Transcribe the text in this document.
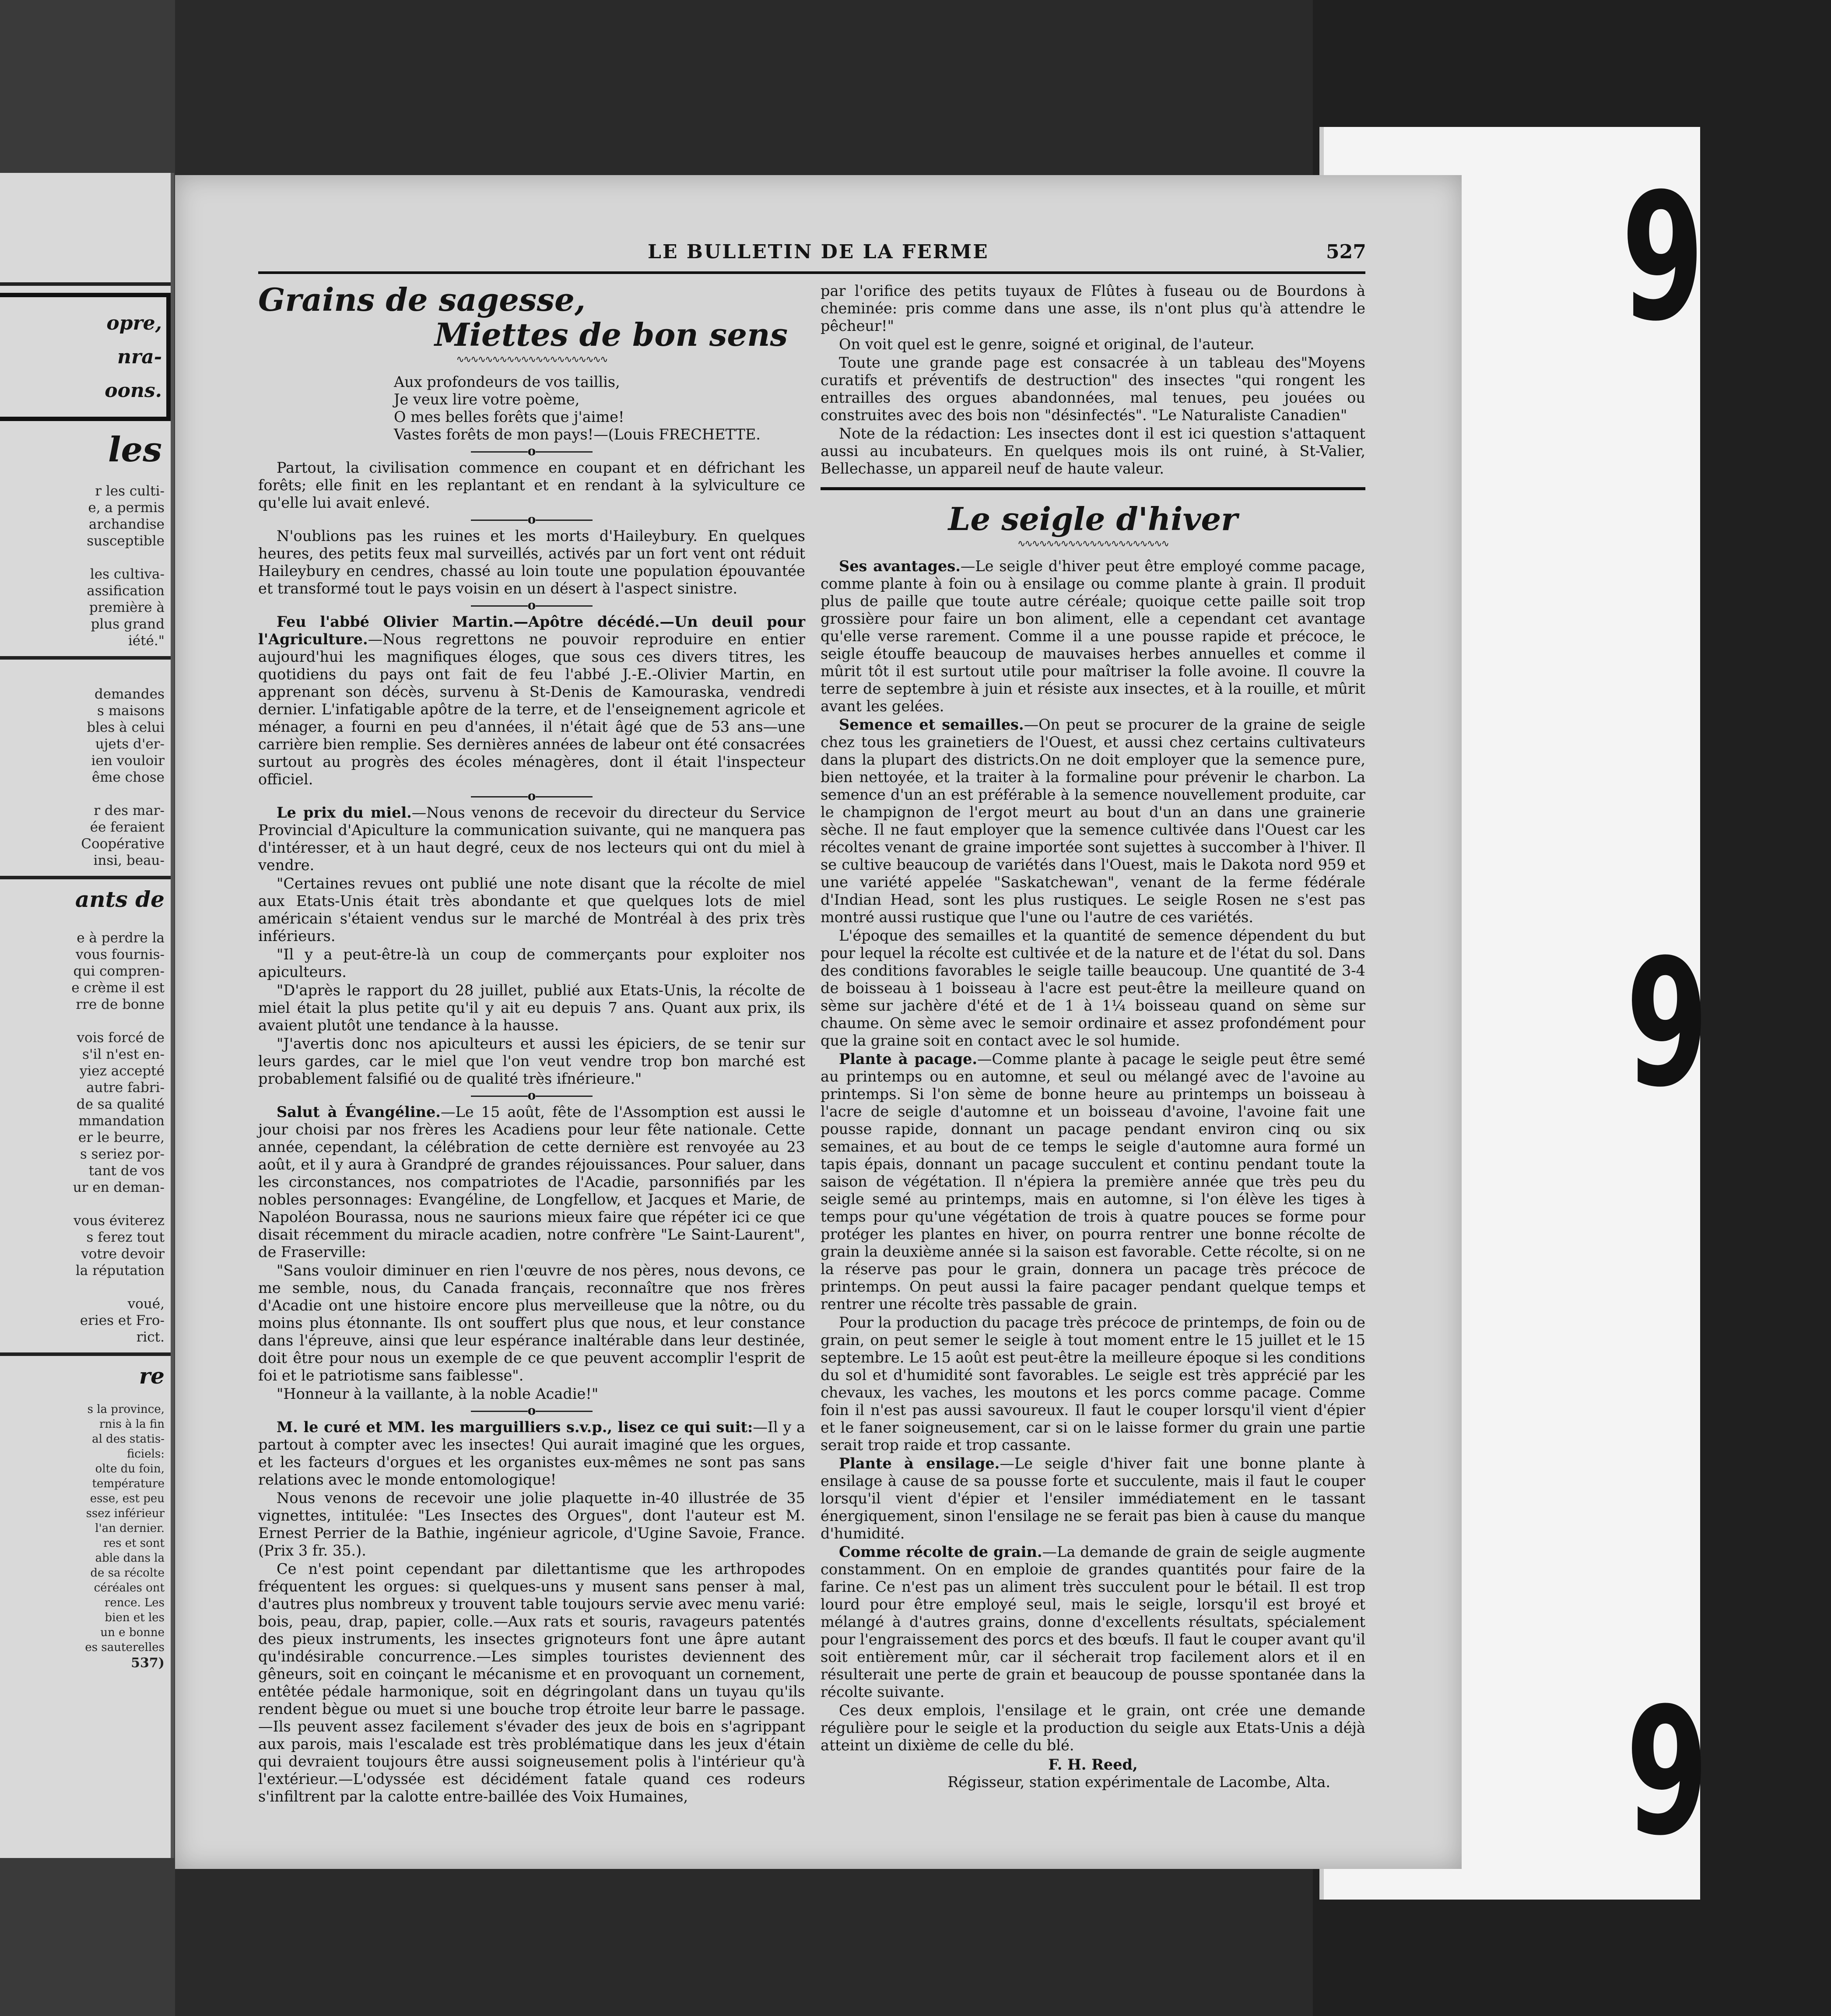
opre,

nra-

oons.

les

r les culti-

e, a permis

archandise

susceptible

les cultiva-

assification

première à

plus grand

iété."

demandes

s maisons

bles à celui

ujets d'er-

ien vouloir

ême chose

r des mar-

ée feraient

Coopérative

insi, beau-

ants de

e à perdre la

vous fournis-

qui compren-

e crème il est

rre de bonne

vois forcé de

s'il n'est en-

yiez accepté

autre fabri-

de sa qualité

mmandation

er le beurre,

s seriez por-

tant de vos

ur en deman-

vous éviterez

s ferez tout

votre devoir

la réputation

voué,

eries et Fro-

rict.

re

s la province,

rnis à la fin

al des statis-

ficiels:

olte du foin,

température

esse, est peu

ssez inférieur

l'an dernier.

res et sont

able dans la

de sa récolte

céréales ont

rence. Les

bien et les

un e bonne

es sauterelles

537)

9
9
9
LE BULLETIN DE LA FERME	527
Grains de sagesse,
Miettes de bon sens
∿∿∿∿∿∿∿∿∿∿∿∿∿∿∿∿∿∿∿∿∿
Aux profondeurs de vos taillis,
Je veux lire votre poème,
O mes belles forêts que j'aime!
Vastes forêts de mon pays!—(Louis FRECHETTE.
o

Partout, la civilisation commence en coupant et en défrichant les forêts; elle finit en les replantant et en rendant à la sylviculture ce qu'elle lui avait enlevé.

o

N'oublions pas les ruines et les morts d'Haileybury. En quelques heures, des petits feux mal surveillés, activés par un fort vent ont réduit Haileybury en cendres, chassé au loin toute une population épouvantée et transformé tout le pays voisin en un désert à l'aspect sinistre.

o

Feu l'abbé Olivier Martin.—Apôtre décédé.—Un deuil pour l'Agriculture.—Nous regrettons ne pouvoir reproduire en entier aujourd'hui les magnifiques éloges, que sous ces divers titres, les quotidiens du pays ont fait de feu l'abbé J.-E.-Olivier Martin, en apprenant son décès, survenu à St-Denis de Kamouraska, vendredi dernier. L'infatigable apôtre de la terre, et de l'enseignement agricole et ménager, a fourni en peu d'années, il n'était âgé que de 53 ans—une carrière bien remplie. Ses dernières années de labeur ont été consacrées surtout au progrès des écoles ménagères, dont il était l'inspecteur officiel.

o

Le prix du miel.—Nous venons de recevoir du directeur du Service Provincial d'Apiculture la communication suivante, qui ne manquera pas d'intéresser, et à un haut degré, ceux de nos lecteurs qui ont du miel à vendre.

"Certaines revues ont publié une note disant que la récolte de miel aux Etats-Unis était très abondante et que quelques lots de miel américain s'étaient vendus sur le marché de Montréal à des prix très inférieurs.

"Il y a peut-être-là un coup de commerçants pour exploiter nos apiculteurs.

"D'après le rapport du 28 juillet, publié aux Etats-Unis, la récolte de miel était la plus petite qu'il y ait eu depuis 7 ans. Quant aux prix, ils avaient plutôt une tendance à la hausse.

"J'avertis donc nos apiculteurs et aussi les épiciers, de se tenir sur leurs gardes, car le miel que l'on veut vendre trop bon marché est probablement falsifié ou de qualité très ifnérieure."

o

Salut à Évangéline.—Le 15 août, fête de l'Assomption est aussi le jour choisi par nos frères les Acadiens pour leur fête nationale. Cette année, cependant, la célébration de cette dernière est renvoyée au 23 août, et il y aura à Grandpré de grandes réjouissances. Pour saluer, dans les circonstances, nos compatriotes de l'Acadie, parsonnifiés par les nobles personnages: Evangéline, de Longfellow, et Jacques et Marie, de Napoléon Bourassa, nous ne saurions mieux faire que répéter ici ce que disait récemment du miracle acadien, notre confrère "Le Saint-Laurent", de Fraserville:

"Sans vouloir diminuer en rien l'œuvre de nos pères, nous devons, ce me semble, nous, du Canada français, reconnaître que nos frères d'Acadie ont une histoire encore plus merveilleuse que la nôtre, ou du moins plus étonnante. Ils ont souffert plus que nous, et leur constance dans l'épreuve, ainsi que leur espérance inaltérable dans leur destinée, doit être pour nous un exemple de ce que peuvent accomplir l'esprit de foi et le patriotisme sans faiblesse".

"Honneur à la vaillante, à la noble Acadie!"

o

M. le curé et MM. les marguilliers s.v.p., lisez ce qui suit:—Il y a partout à compter avec les insectes! Qui aurait imaginé que les orgues, et les facteurs d'orgues et les organistes eux-mêmes ne sont pas sans relations avec le monde entomologique!

Nous venons de recevoir une jolie plaquette in-40 illustrée de 35 vignettes, intitulée: "Les Insectes des Orgues", dont l'auteur est M. Ernest Perrier de la Bathie, ingénieur agricole, d'Ugine Savoie, France. (Prix 3 fr. 35.).

Ce n'est point cependant par dilettantisme que les arthropodes fréquentent les orgues: si quelques-uns y musent sans penser à mal, d'autres plus nombreux y trouvent table toujours servie avec menu varié: bois, peau, drap, papier, colle.—Aux rats et souris, ravageurs patentés des pieux instruments, les insectes grignoteurs font une âpre autant qu'indésirable concurrence.—Les simples touristes deviennent des gêneurs, soit en coinçant le mécanisme et en provoquant un cornement, entêtée pédale harmonique, soit en dégringolant dans un tuyau qu'ils rendent bègue ou muet si une bouche trop étroite leur barre le passage.—Ils peuvent assez facilement s'évader des jeux de bois en s'agrippant aux parois, mais l'escalade est très problématique dans les jeux d'étain qui devraient toujours être aussi soigneusement polis à l'intérieur qu'à l'extérieur.—L'odyssée est décidément fatale quand ces rodeurs s'infiltrent par la calotte entre-baillée des Voix Humaines,

par l'orifice des petits tuyaux de Flûtes à fuseau ou de Bourdons à cheminée: pris comme dans une asse, ils n'ont plus qu'à attendre le pêcheur!"

On voit quel est le genre, soigné et original, de l'auteur.

Toute une grande page est consacrée à un tableau des"Moyens curatifs et préventifs de destruction" des insectes "qui rongent les entrailles des orgues abandonnées, mal tenues, peu jouées ou construites avec des bois non "désinfectés". "Le Naturaliste Canadien"

Note de la rédaction: Les insectes dont il est ici question s'attaquent aussi au incubateurs. En quelques mois ils ont ruiné, à St-Valier, Bellechasse, un appareil neuf de haute valeur.

Le seigle d'hiver
∿∿∿∿∿∿∿∿∿∿∿∿∿∿∿∿∿∿∿∿∿

Ses avantages.—Le seigle d'hiver peut être employé comme pacage, comme plante à foin ou à ensilage ou comme plante à grain. Il produit plus de paille que toute autre céréale; quoique cette paille soit trop grossière pour faire un bon aliment, elle a cependant cet avantage qu'elle verse rarement. Comme il a une pousse rapide et précoce, le seigle étouffe beaucoup de mauvaises herbes annuelles et comme il mûrit tôt il est surtout utile pour maîtriser la folle avoine. Il couvre la terre de septembre à juin et résiste aux insectes, et à la rouille, et mûrit avant les gelées.

Semence et semailles.—On peut se procurer de la graine de seigle chez tous les grainetiers de l'Ouest, et aussi chez certains cultivateurs dans la plupart des districts.On ne doit employer que la semence pure, bien nettoyée, et la traiter à la formaline pour prévenir le charbon. La semence d'un an est préférable à la semence nouvellement produite, car le champignon de l'ergot meurt au bout d'un an dans une grainerie sèche. Il ne faut employer que la semence cultivée dans l'Ouest car les récoltes venant de graine importée sont sujettes à succomber à l'hiver. Il se cultive beaucoup de variétés dans l'Ouest, mais le Dakota nord 959 et une variété appelée "Saskatchewan", venant de la ferme fédérale d'Indian Head, sont les plus rustiques. Le seigle Rosen ne s'est pas montré aussi rustique que l'une ou l'autre de ces variétés.

L'époque des semailles et la quantité de semence dépendent du but pour lequel la récolte est cultivée et de la nature et de l'état du sol. Dans des conditions favorables le seigle taille beaucoup. Une quantité de 3-4 de boisseau à 1 boisseau à l'acre est peut-être la meilleure quand on sème sur jachère d'été et de 1 à 1¼ boisseau quand on sème sur chaume. On sème avec le semoir ordinaire et assez profondément pour que la graine soit en contact avec le sol humide.

Plante à pacage.—Comme plante à pacage le seigle peut être semé au printemps ou en automne, et seul ou mélangé avec de l'avoine au printemps. Si l'on sème de bonne heure au printemps un boisseau à l'acre de seigle d'automne et un boisseau d'avoine, l'avoine fait une pousse rapide, donnant un pacage pendant environ cinq ou six semaines, et au bout de ce temps le seigle d'automne aura formé un tapis épais, donnant un pacage succulent et continu pendant toute la saison de végétation. Il n'épiera la première année que très peu du seigle semé au printemps, mais en automne, si l'on élève les tiges à temps pour qu'une végétation de trois à quatre pouces se forme pour protéger les plantes en hiver, on pourra rentrer une bonne récolte de grain la deuxième année si la saison est favorable. Cette récolte, si on ne la réserve pas pour le grain, donnera un pacage très précoce de printemps. On peut aussi la faire pacager pendant quelque temps et rentrer une récolte très passable de grain.

Pour la production du pacage très précoce de printemps, de foin ou de grain, on peut semer le seigle à tout moment entre le 15 juillet et le 15 septembre. Le 15 août est peut-être la meilleure époque si les conditions du sol et d'humidité sont favorables. Le seigle est très apprécié par les chevaux, les vaches, les moutons et les porcs comme pacage. Comme foin il n'est pas aussi savoureux. Il faut le couper lorsqu'il vient d'épier et le faner soigneusement, car si on le laisse former du grain une partie serait trop raide et trop cassante.

Plante à ensilage.—Le seigle d'hiver fait une bonne plante à ensilage à cause de sa pousse forte et succulente, mais il faut le couper lorsqu'il vient d'épier et l'ensiler immédiatement en le tassant énergiquement, sinon l'ensilage ne se ferait pas bien à cause du manque d'humidité.

Comme récolte de grain.—La demande de grain de seigle augmente constamment. On en emploie de grandes quantités pour faire de la farine. Ce n'est pas un aliment très succulent pour le bétail. Il est trop lourd pour être employé seul, mais le seigle, lorsqu'il est broyé et mélangé à d'autres grains, donne d'excellents résultats, spécialement pour l'engraissement des porcs et des bœufs. Il faut le couper avant qu'il soit entièrement mûr, car il sécherait trop facilement alors et il en résulterait une perte de grain et beaucoup de pousse spontanée dans la récolte suivante.

Ces deux emplois, l'ensilage et le grain, ont crée une demande régulière pour le seigle et la production du seigle aux Etats-Unis a déjà atteint un dixième de celle du blé.

F. H. Reed,
Régisseur, station expérimentale de Lacombe, Alta.
